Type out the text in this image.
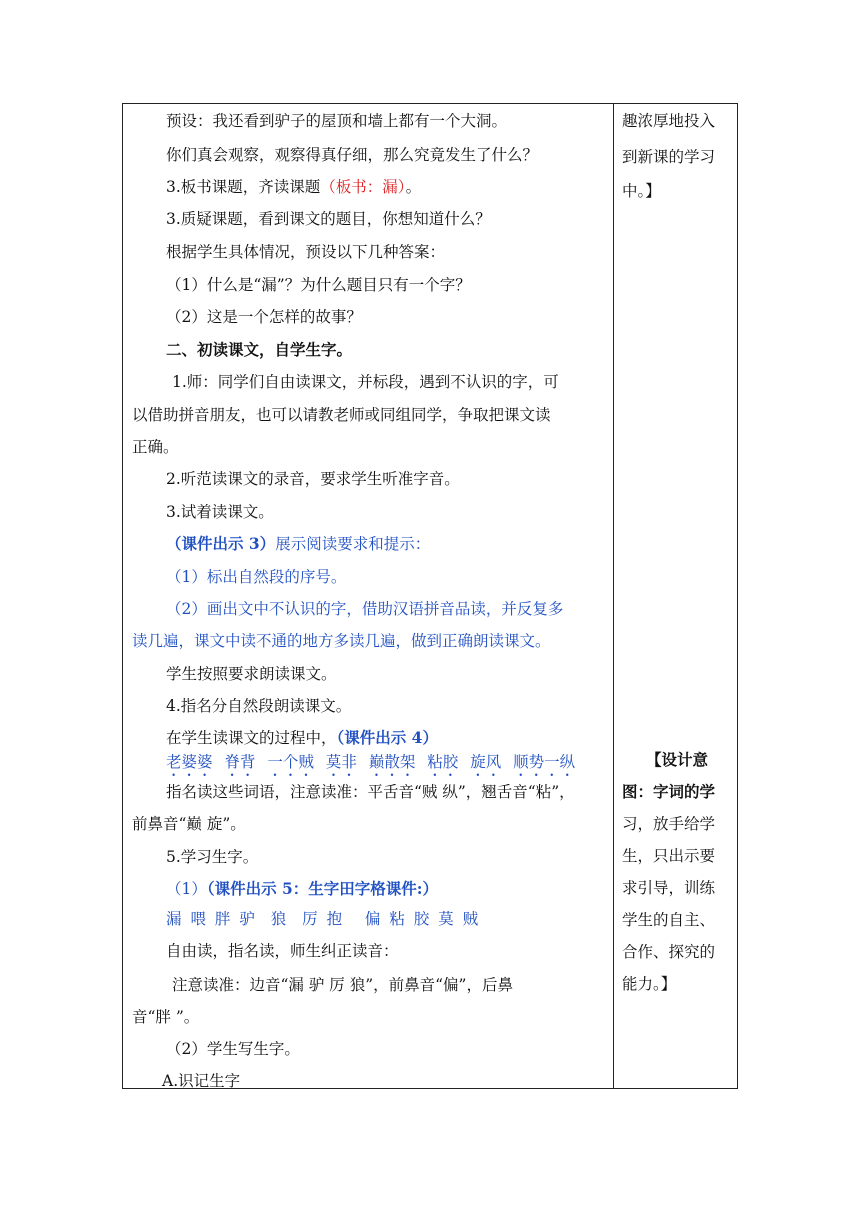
预设：我还看到驴子的屋顶和墙上都有一个大洞。
你们真会观察，观察得真仔细，那么究竟发生了什么？
3.板书课题，齐读课题（板书：漏）。
3.质疑课题，看到课文的题目，你想知道什么？
根据学生具体情况，预设以下几种答案：
（1）什么是“漏”？为什么题目只有一个字？
（2）这是一个怎样的故事？
二、初读课文，自学生字。
1.师：同学们自由读课文，并标段，遇到不认识的字，可
以借助拼音朋友，也可以请教老师或同组同学，争取把课文读
正确。
2.听范读课文的录音，要求学生听准字音。
3.试着读课文。
（课件出示 3）展示阅读要求和提示：
（1）标出自然段的序号。
（2）画出文中不认识的字，借助汉语拼音品读，并反复多
读几遍，课文中读不通的地方多读几遍，做到正确朗读课文。
学生按照要求朗读课文。
4.指名分自然段朗读课文。
在学生读课文的过程中，（课件出示 4）
老婆婆 脊背 一个贼 莫非 巅散架 粘胶 旋风 顺势一纵
指名读这些词语，注意读准：平舌音“贼 纵”，翘舌音“粘”，
前鼻音“巅 旋”。
5.学习生字。
（1）（课件出示 5：生字田字格课件:）
漏 喂 胖 驴 狼 厉 抱 偏 粘 胶 莫 贼
自由读，指名读，师生纠正读音：
注意读准：边音“漏 驴 厉 狼”，前鼻音“偏”，后鼻
音“胖 ”。
（2）学生写生字。
A.识记生字
趣浓厚地投入
到新课的学习
中。】
【设计意
图：字词的学
习，放手给学
生，只出示要
求引导，训练
学生的自主、
合作、探究的
能力。】
